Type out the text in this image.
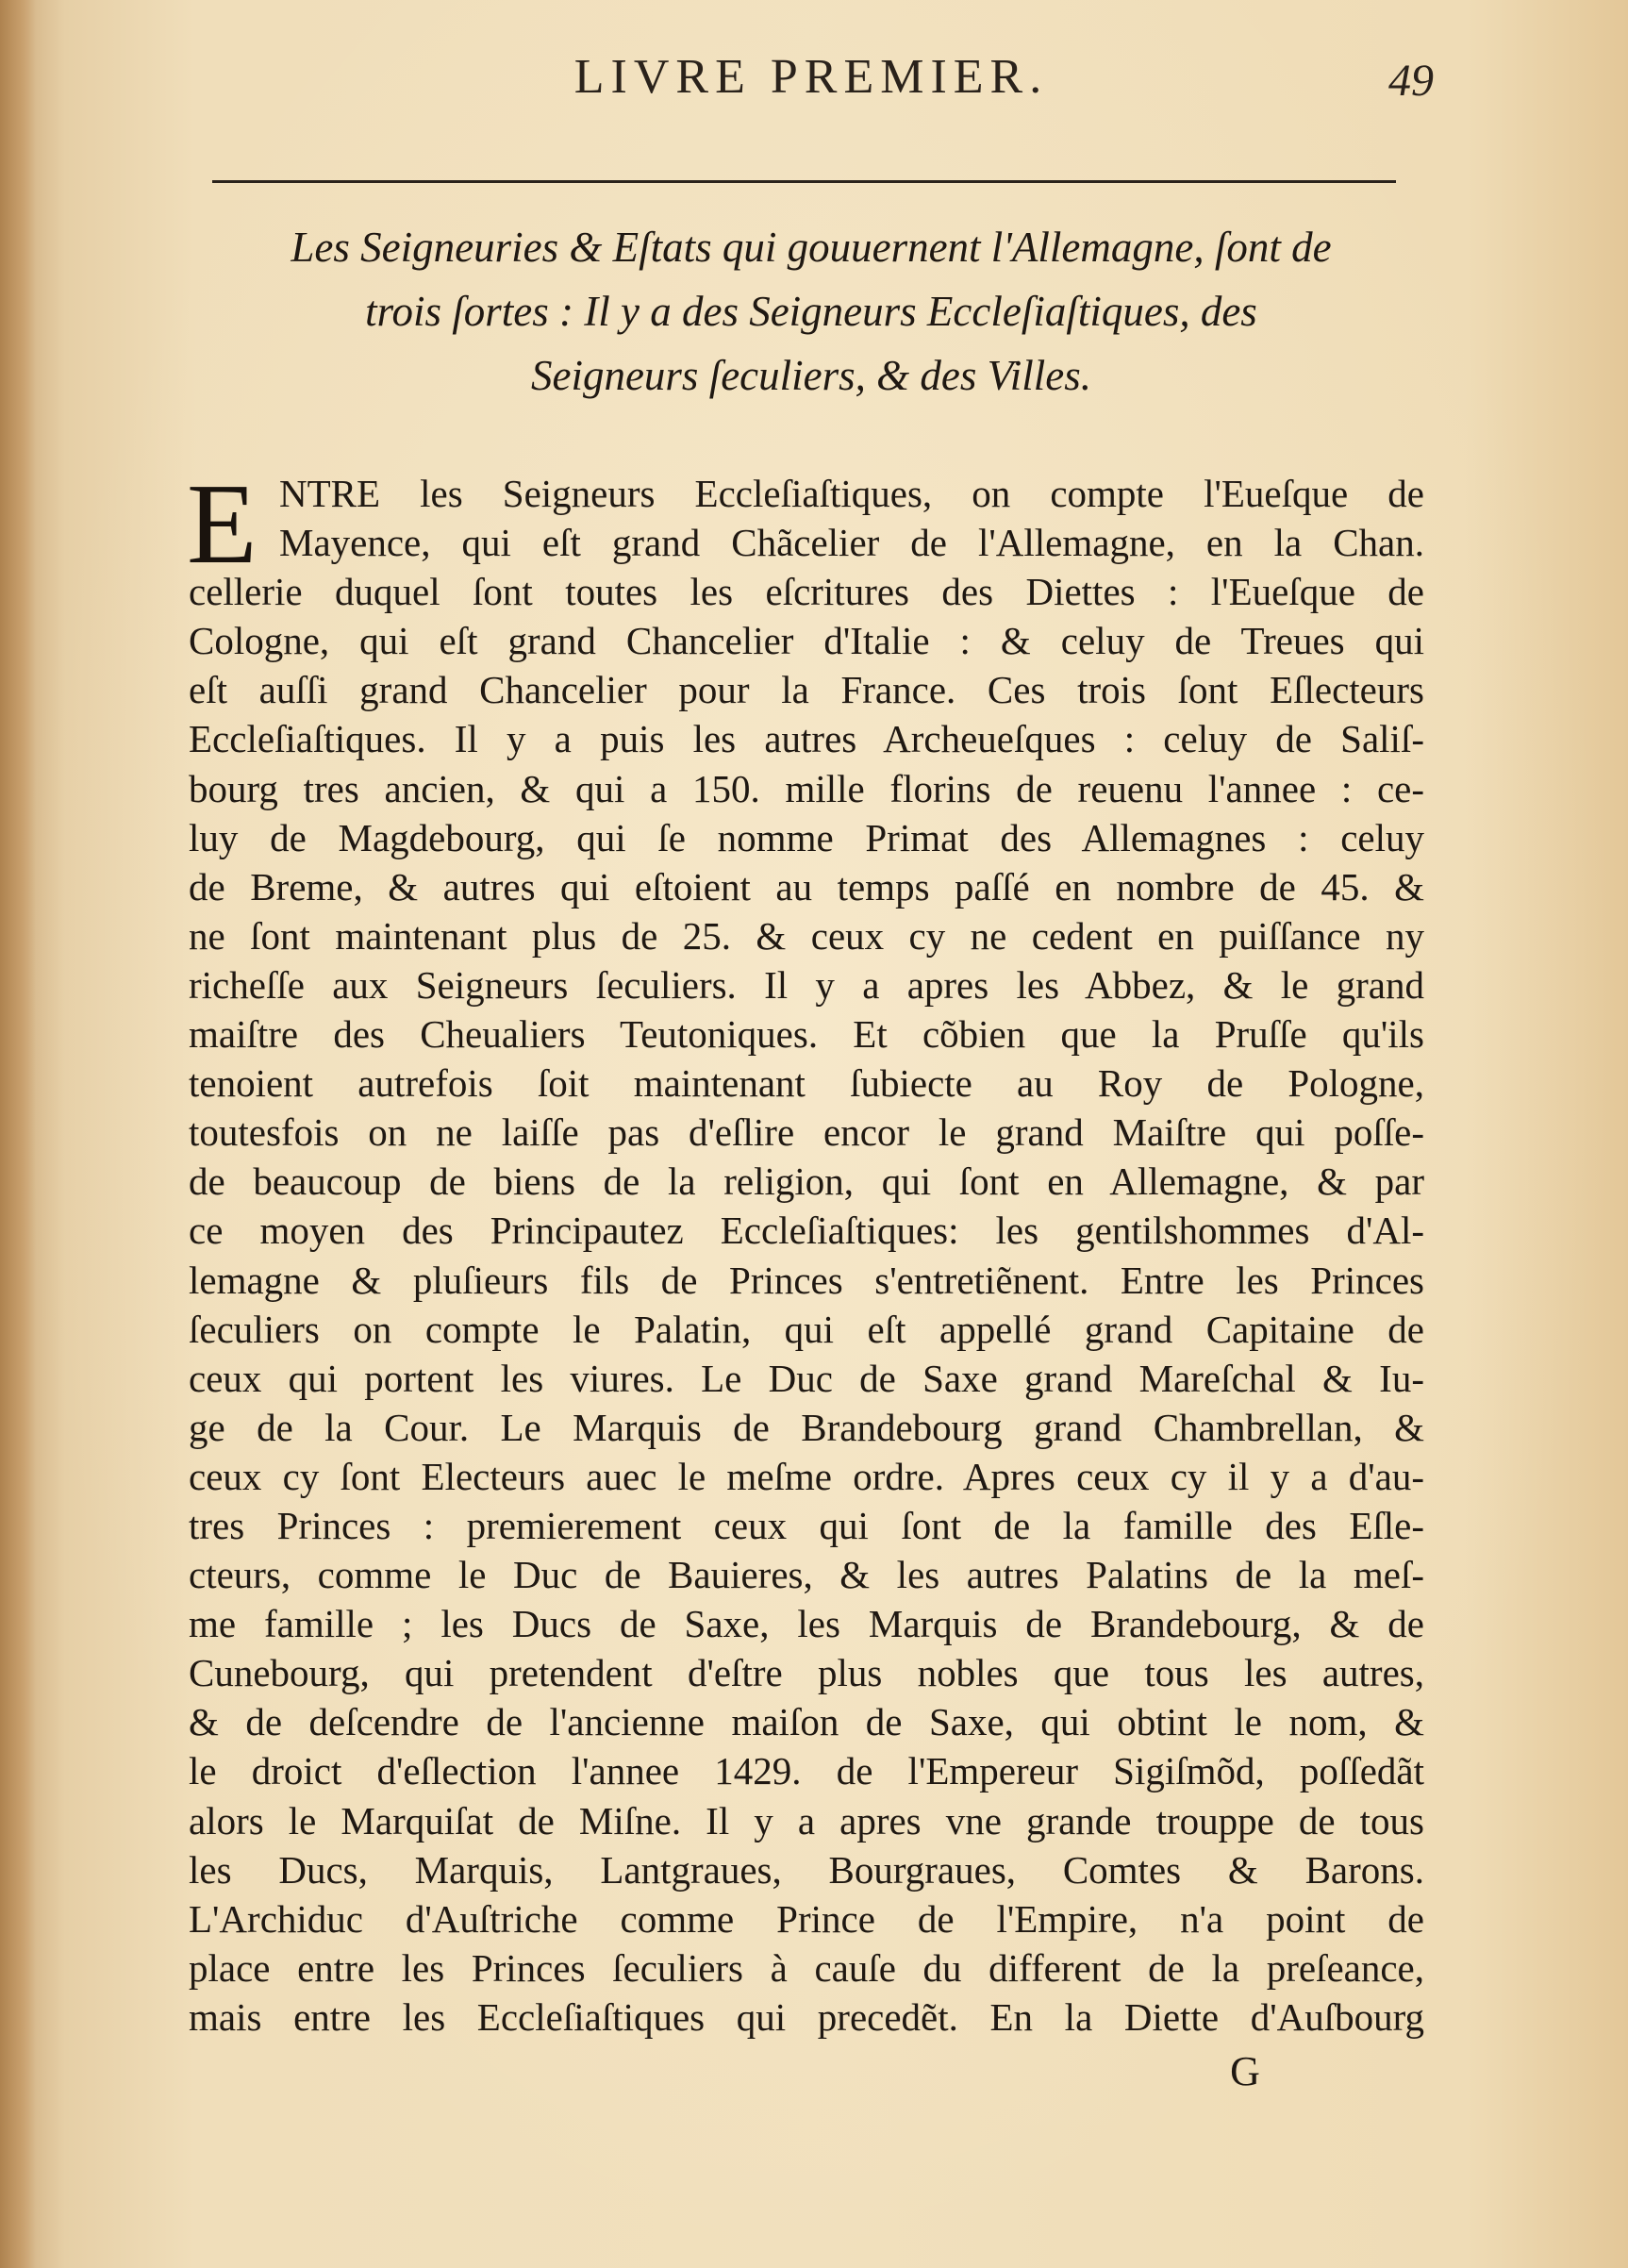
LIVRE PREMIER.	49
Les Seigneuries & Eſtats qui gouuernent l'Allemagne, ſont de
trois ſortes : Il y a des Seigneurs Eccleſiaſtiques, des
Seigneurs ſeculiers, & des Villes.
E NTRE les Seigneurs Eccleſiaſtiques, on compte l'Eueſque de
Mayence, qui eſt grand Chãcelier de l'Allemagne, en la Chan.
cellerie duquel ſont toutes les eſcritures des Diettes : l'Eueſque de
Cologne, qui eſt grand Chancelier d'Italie : & celuy de Treues qui
eſt auſſi grand Chancelier pour la France. Ces trois ſont Eſlecteurs
Eccleſiaſtiques. Il y a puis les autres Archeueſques : celuy de Saliſ-
bourg tres ancien, & qui a 150. mille florins de reuenu l'annee : ce-
luy de Magdebourg, qui ſe nomme Primat des Allemagnes : celuy
de Breme, & autres qui eſtoient au temps paſſé en nombre de 45. &
ne ſont maintenant plus de 25. & ceux cy ne cedent en puiſſance ny
richeſſe aux Seigneurs ſeculiers. Il y a apres les Abbez, & le grand
maiſtre des Cheualiers Teutoniques. Et cõbien que la Pruſſe qu'ils
tenoient autrefois ſoit maintenant ſubiecte au Roy de Pologne,
toutesfois on ne laiſſe pas d'eſlire encor le grand Maiſtre qui poſſe-
de beaucoup de biens de la religion, qui ſont en Allemagne, & par
ce moyen des Principautez Eccleſiaſtiques: les gentilshommes d'Al-
lemagne & pluſieurs fils de Princes s'entretiẽnent. Entre les Princes
ſeculiers on compte le Palatin, qui eſt appellé grand Capitaine de
ceux qui portent les viures. Le Duc de Saxe grand Mareſchal & Iu-
ge de la Cour. Le Marquis de Brandebourg grand Chambrellan, &
ceux cy ſont Electeurs auec le meſme ordre. Apres ceux cy il y a d'au-
tres Princes : premierement ceux qui ſont de la famille des Eſle-
cteurs, comme le Duc de Bauieres, & les autres Palatins de la meſ-
me famille ; les Ducs de Saxe, les Marquis de Brandebourg, & de
Cunebourg, qui pretendent d'eſtre plus nobles que tous les autres,
& de deſcendre de l'ancienne maiſon de Saxe, qui obtint le nom, &
le droict d'eſlection l'annee 1429. de l'Empereur Sigiſmõd, poſſedãt
alors le Marquiſat de Miſne. Il y a apres vne grande trouppe de tous
les Ducs, Marquis, Lantgraues, Bourgraues, Comtes & Barons.
L'Archiduc d'Auſtriche comme Prince de l'Empire, n'a point de
place entre les Princes ſeculiers à cauſe du different de la preſeance,
mais entre les Eccleſiaſtiques qui precedẽt. En la Diette d'Auſbourg
G
